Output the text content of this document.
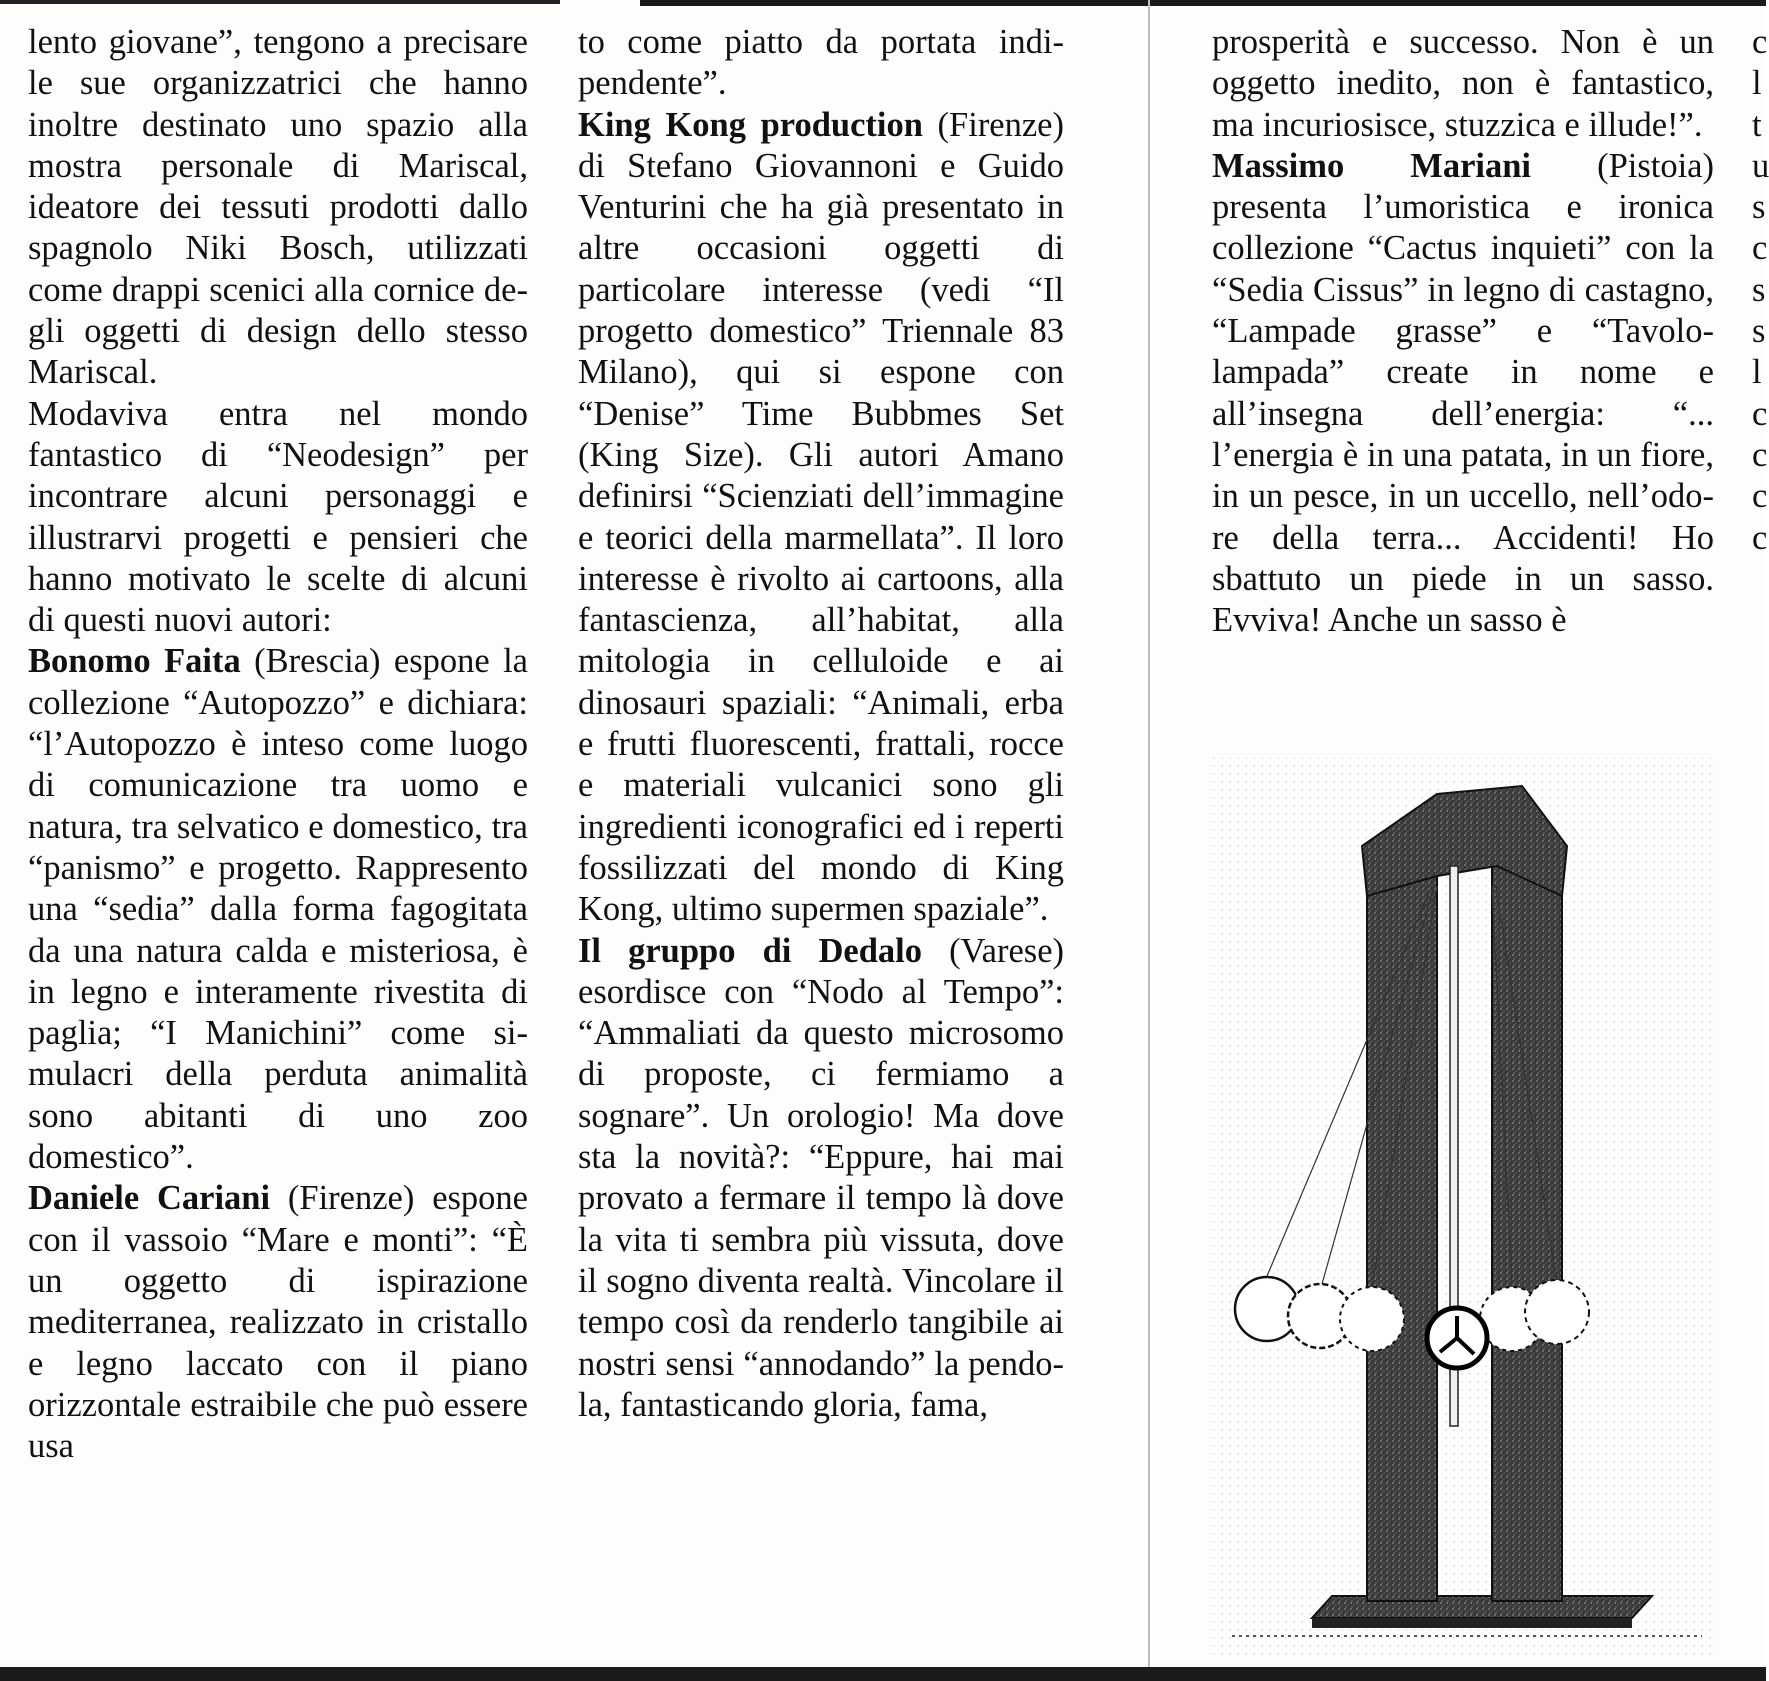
lento giovane”, tengono a precisare le sue organizzatrici che hanno inoltre destinato uno spazio alla mostra personale di Mariscal, ideatore dei tessuti prodotti dallo spagnolo Niki Bosch, utilizzati come drappi scenici alla cornice degli oggetti di design dello stesso Mariscal.

Modaviva entra nel mondo fantastico di “Neodesign” per incontrare alcuni personaggi e illustrarvi progetti e pensieri che hanno motivato le scelte di alcuni di questi nuovi autori:

Bonomo Faita (Brescia) espone la collezione “Autopozzo” e dichiara: “l’Autopozzo è inteso come luogo di comunicazione tra uomo e natura, tra selvatico e domestico, tra “panismo” e progetto. Rappresento una “sedia” dalla forma fagogitata da una natura calda e misteriosa, è in legno e interamente rivestita di paglia; “I Manichini” come simulacri della perduta animalità sono abitanti di uno zoo domestico”.

Daniele Cariani (Firenze) espone con il vassoio “Mare e monti”: “È un oggetto di ispirazione mediterranea, realizzato in cristallo e legno laccato con il piano orizzontale estraibile che può essere usa

to come piatto da portata indipendente”.

King Kong production (Firenze) di Stefano Giovannoni e Guido Venturini che ha già presentato in altre occasioni oggetti di particolare interesse (vedi “Il progetto domestico” Triennale 83 Milano), qui si espone con “Denise” Time Bubbmes Set (King Size). Gli autori Amano definirsi “Scienziati dell’immagine e teorici della marmellata”. Il loro interesse è rivolto ai cartoons, alla fantascienza, all’habitat, alla mitologia in celluloide e ai dinosauri spaziali: “Animali, erba e frutti fluorescenti, frattali, rocce e materiali vulcanici sono gli ingredienti iconografici ed i reperti fossilizzati del mondo di King Kong, ultimo supermen spaziale”.

Il gruppo di Dedalo (Varese) esordisce con “Nodo al Tempo”: “Ammaliati da questo microsomo di proposte, ci fermiamo a sognare”. Un orologio! Ma dove sta la novità?: “Eppure, hai mai provato a fermare il tempo là dove la vita ti sembra più vissuta, dove il sogno diventa realtà. Vincolare il tempo così da renderlo tangibile ai nostri sensi “annodando” la pendola, fantasticando gloria, fama,

prosperità e successo. Non è un oggetto inedito, non è fantastico, ma incuriosisce, stuzzica e illude!”.

Massimo Mariani (Pistoia) presenta l’umoristica e ironica collezione “Cactus inquieti” con la “Sedia Cissus” in legno di castagno, “Lampade grasse” e “Tavolo-lampada” create in nome e all’insegna dell’energia: “... l’energia è in una patata, in un fiore, in un pesce, in un uccello, nell’odore della terra... Accidenti! Ho sbattuto un piede in un sasso. Evviva! Anche un sasso è

c
l
t
u
s
c
s
s
l
c
c
c
c
